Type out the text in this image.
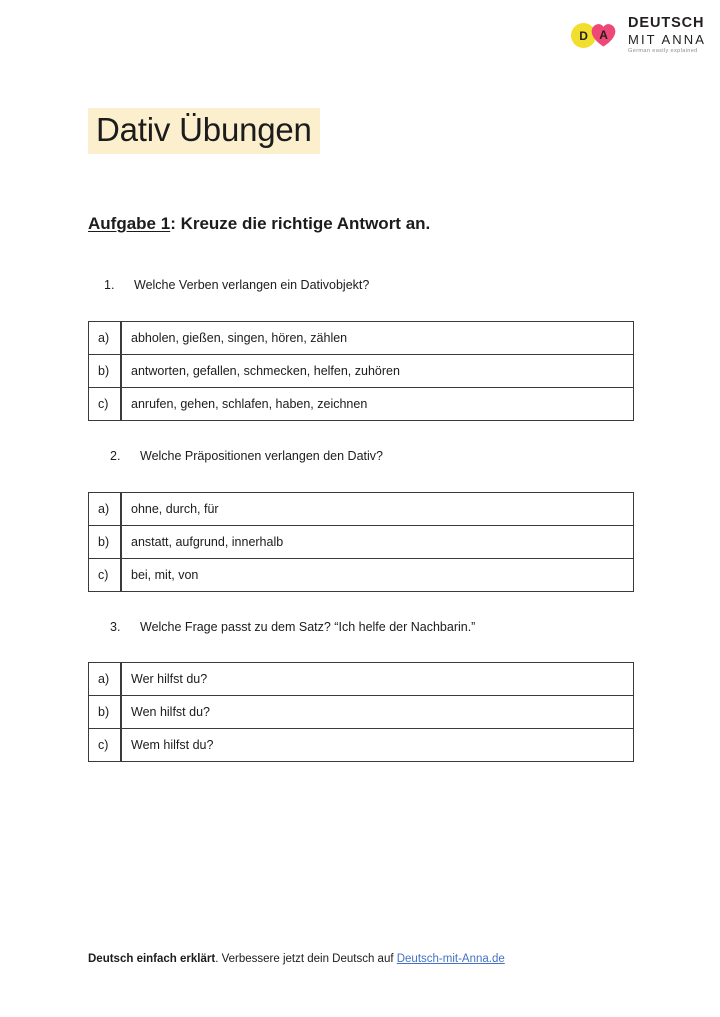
D A
DEUTSCH
MIT ANNA
German easily explained
Dativ Übungen
Aufgabe 1: Kreuze die richtige Antwort an.
1.	Welche Verben verlangen ein Dativobjekt?
a)	abholen, gießen, singen, hören, zählen
b)	antworten, gefallen, schmecken, helfen, zuhören
c)	anrufen, gehen, schlafen, haben, zeichnen
2.	Welche Präpositionen verlangen den Dativ?
a)	ohne, durch, für
b)	anstatt, aufgrund, innerhalb
c)	bei, mit, von
3.	Welche Frage passt zu dem Satz? “Ich helfe der Nachbarin.”
a)	Wer hilfst du?
b)	Wen hilfst du?
c)	Wem hilfst du?
Deutsch einfach erklärt. Verbessere jetzt dein Deutsch auf Deutsch-mit-Anna.de
